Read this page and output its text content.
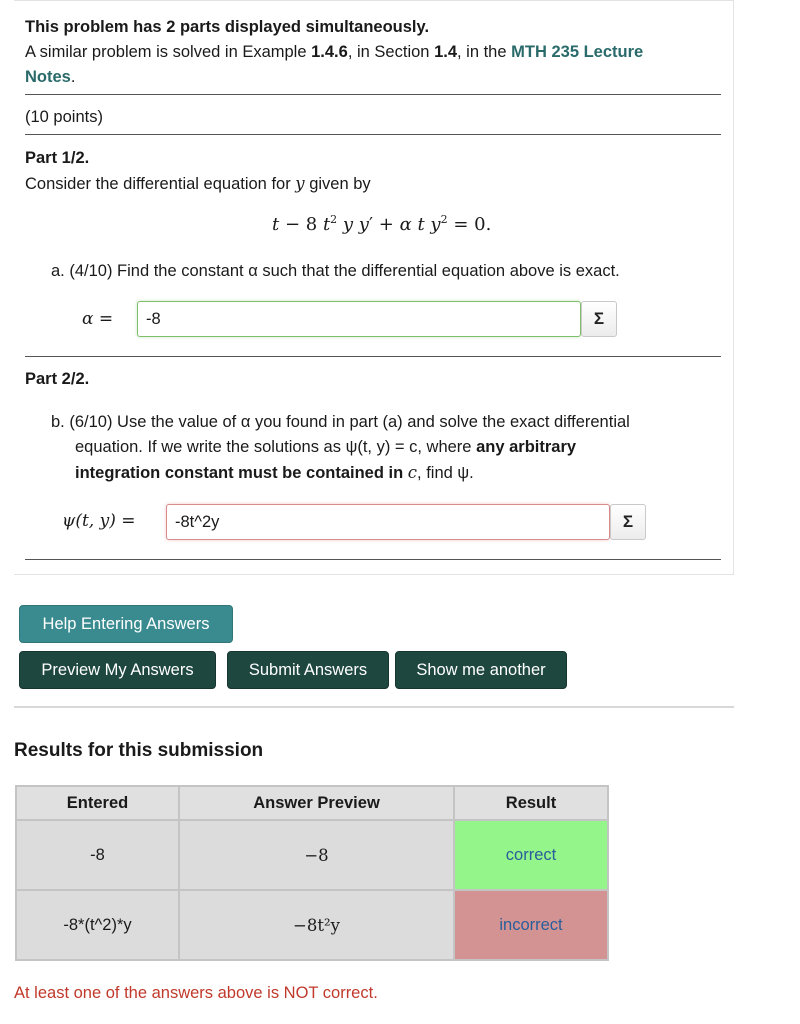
This problem has 2 parts displayed simultaneously.
A similar problem is solved in Example 1.4.6, in Section 1.4, in the MTH 235 Lecture
Notes.
(10 points)
Part 1/2.
Consider the differential equation for y given by
t − 8 $t^2$ y y′ + α t $y^2 = 0$.
a. (4/10) Find the constant α such that the differential equation above is exact.
α =	-8	Σ
Part 2/2.
b. (6/10) Use the value of α you found in part (a) and solve the exact differential
equation. If we write the solutions as ψ(t, y) = c, where any arbitrary
integration constant must be contained in c, find ψ.
ψ(t, y) =	-8t^2y	Σ
Help Entering Answers
Preview My Answers	Submit Answers	Show me another
Results for this submission
Entered	Answer Preview	Result
-8	−8	correct
-8*(t^2)*y	−8t²y	incorrect
At least one of the answers above is NOT correct.
